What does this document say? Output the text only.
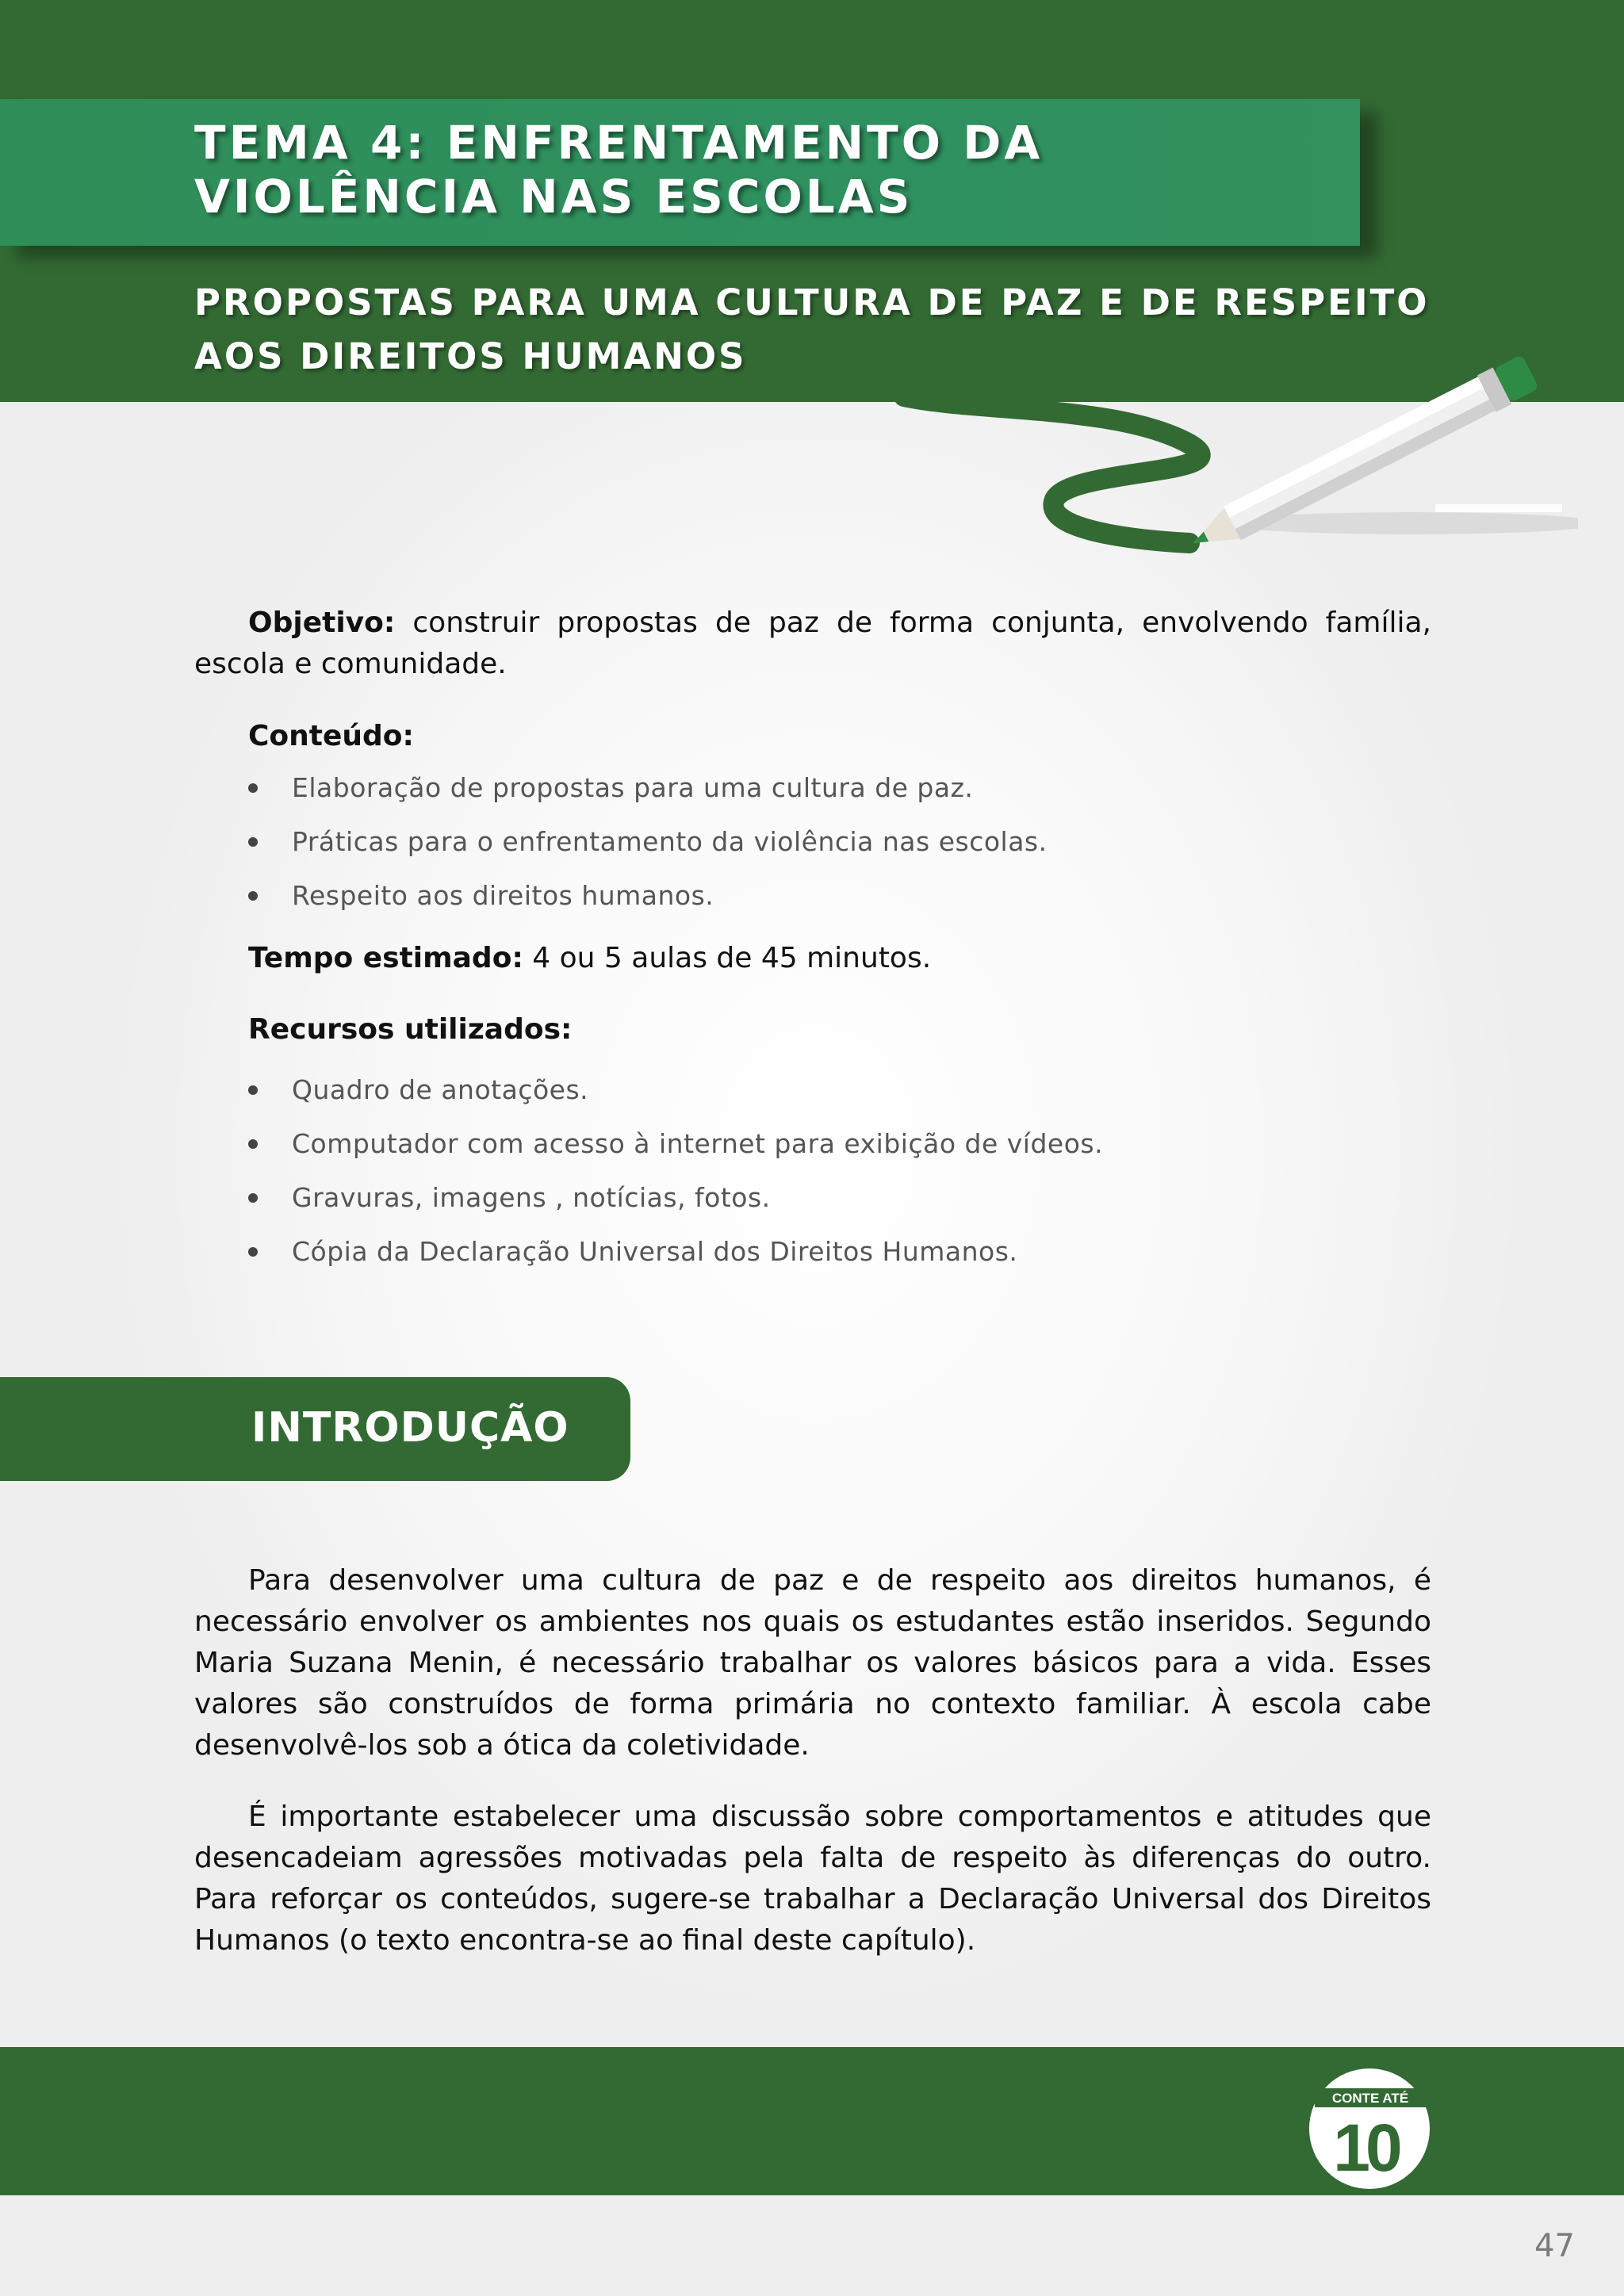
TEMA 4: ENFRENTAMENTO DA VIOLÊNCIA NAS ESCOLAS
PROPOSTAS PARA UMA CULTURA DE PAZ E DE RESPEITO AOS DIREITOS HUMANOS

Objetivo: construir propostas de paz de forma conjunta, envolvendo família, escola e comunidade.

Conteúdo:
Elaboração de propostas para uma cultura de paz.
Práticas para o enfrentamento da violência nas escolas.
Respeito aos direitos humanos.
Tempo estimado: 4 ou 5 aulas de 45 minutos.
Recursos utilizados:
Quadro de anotações.
Computador com acesso à internet para exibição de vídeos.
Gravuras, imagens , notícias, fotos.
Cópia da Declaração Universal dos Direitos Humanos.
INTRODUÇÃO

Para desenvolver uma cultura de paz e de respeito aos direitos humanos, é necessário envolver os ambientes nos quais os estudantes estão inseridos. Segundo Maria Suzana Menin, é necessário trabalhar os valores básicos para a vida. Esses valores são construídos de forma primária no contexto familiar. À escola cabe desenvolvê-los sob a ótica da coletividade.

É importante estabelecer uma discussão sobre comportamentos e atitudes que desencadeiam agressões motivadas pela falta de respeito às diferenças do outro. Para reforçar os conteúdos, sugere-se trabalhar a Declaração Universal dos Direitos Humanos (o texto encontra-se ao final deste capítulo).

CONTE ATÉ
10
47
